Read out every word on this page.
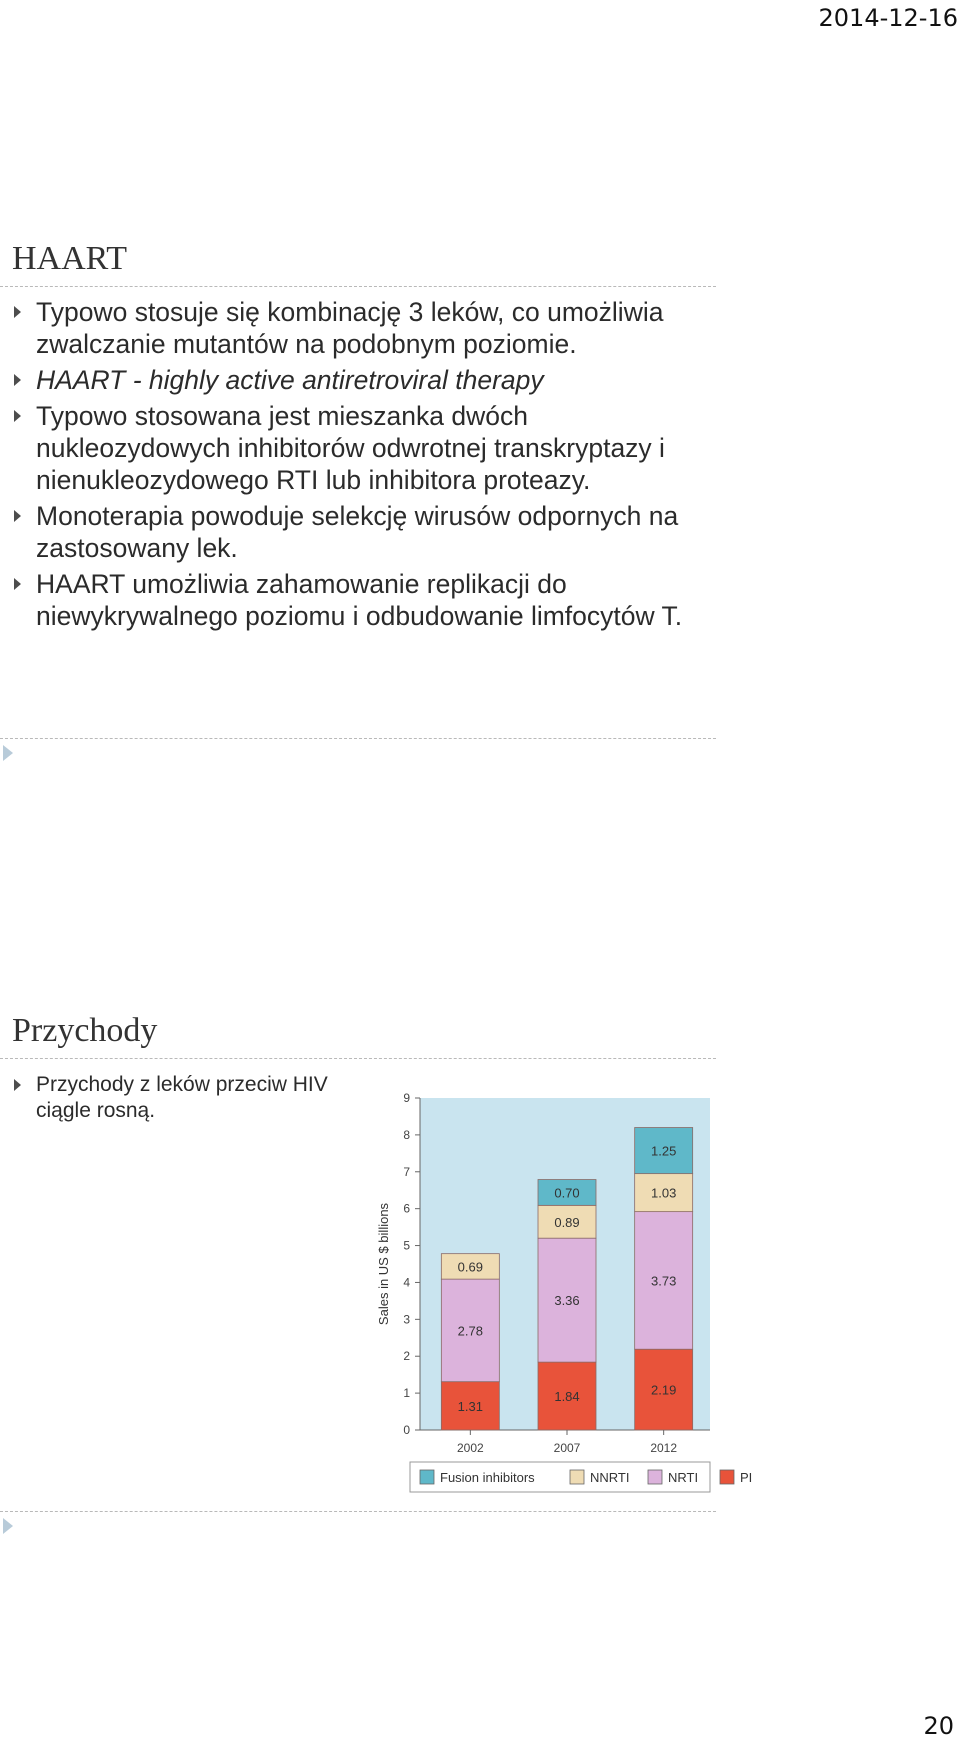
2014-12-16
HAART
Typowo stosuje się kombinację 3 leków, co umożliwia zwalczanie mutantów na podobnym poziomie.
HAART - highly active antiretroviral therapy
Typowo stosowana jest mieszanka dwóch nukleozydowych inhibitorów odwrotnej transkryptazy i nienukleozydowego RTI lub inhibitora proteazy.
Monoterapia powoduje selekcję wirusów odpornych na zastosowany lek.
HAART umożliwia zahamowanie replikacji do niewykrywalnego poziomu i odbudowanie limfocytów T.
Przychody
Przychody z leków przeciw HIV ciągle rosną.
0
1
2
3
4
5
6
7
8
9
Sales in US $ billions
1.31
2.78
0.69
2002
1.84
3.36
0.89
0.70
2007
2.19
3.73
1.03
1.25
2012
Fusion inhibitors	NNRTI	NRTI	PI
20
